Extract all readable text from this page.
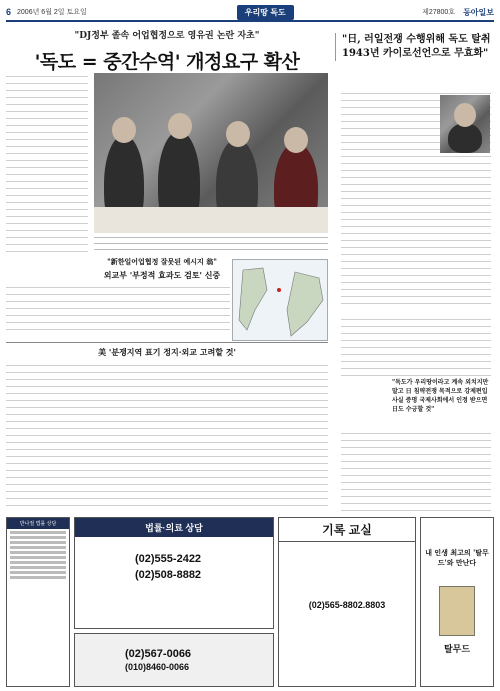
6 2006년 6월 2일 토요일	우리땅 독도	제27800호 동아일보
"DJ정부 졸속 어업협정으로 영유권 논란 자초"
'독도 = 중간수역' 개정요구 확산
"日, 러일전쟁 수행위해 독도 탈취
1943년 카이로선언으로 무효화"
"新한일어업협정 잘못된 예시지 翁"
외교부 '부정적 효과도 검토' 신중
美 '분쟁지역 표기 정지·외교 고려할 것'
"독도가 우리땅이라고 계속 외치지만 말고 日 침략전쟁 목적으로 강제편입 사실 증명 국제사회에서 인정 받으면 日도 수긍할 것"
반나절 법률 상담	법률·의료 상담
(02)555-2422
(02)508-8882
(02)567-0066
(010)8460-0066
기록 교실
(02)565-8802.8803
내 인생 최고의 '탈무드'와 만난다
탈무드
